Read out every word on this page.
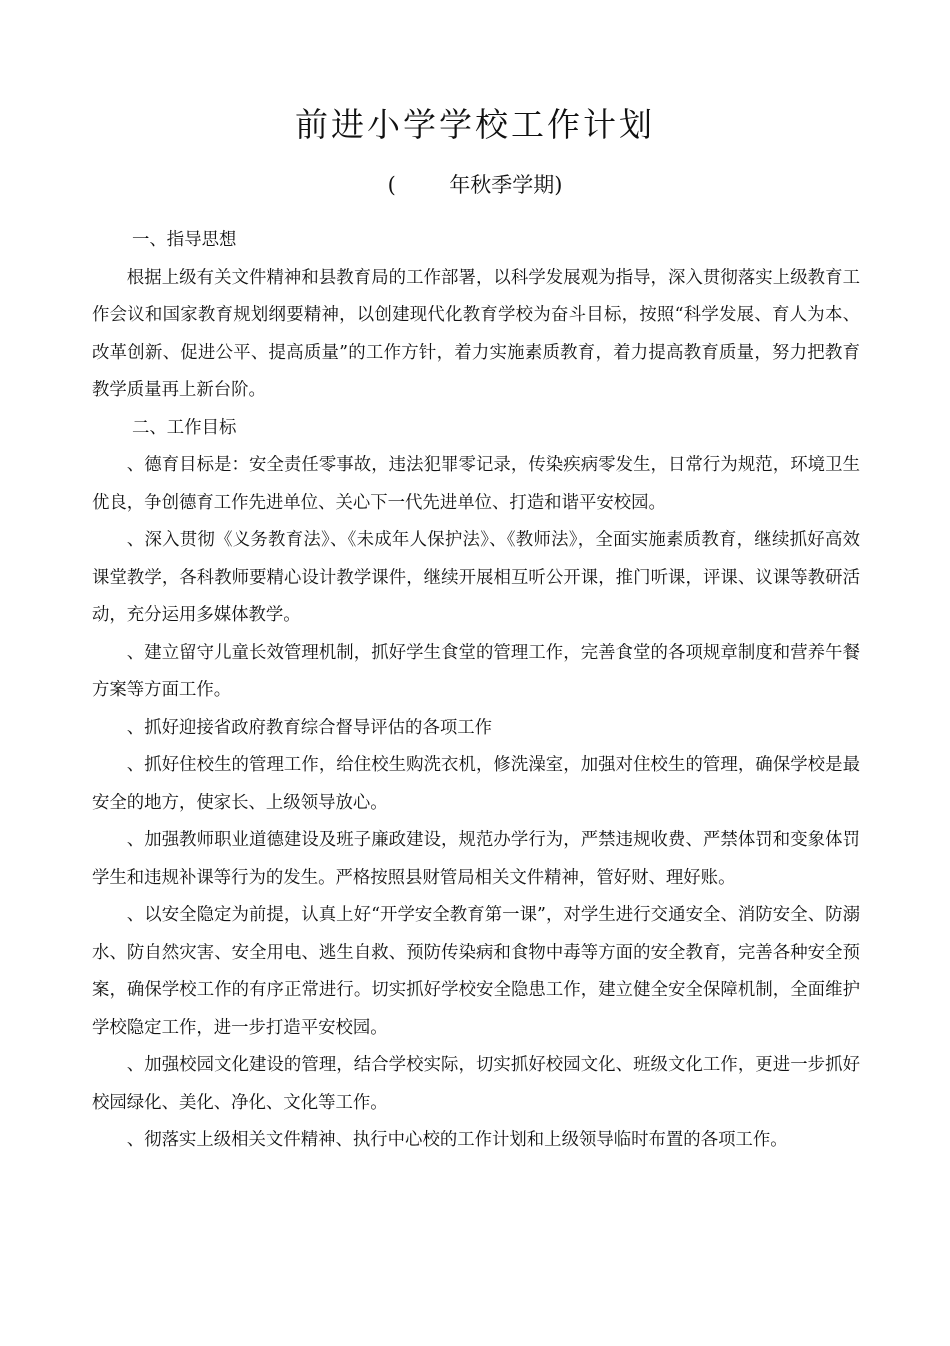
前进小学学校工作计划
(        年秋季学期)

一、指导思想

根据上级有关文件精神和县教育局的工作部署，以科学发展观为指导，深入贯彻落实上级教育工作会议和国家教育规划纲要精神，以创建现代化教育学校为奋斗目标，按照“科学发展、育人为本、改革创新、促进公平、提高质量”的工作方针，着力实施素质教育，着力提高教育质量，努力把教育教学质量再上新台阶。

二、工作目标

、德育目标是：安全责任零事故，违法犯罪零记录，传染疾病零发生，日常行为规范，环境卫生优良，争创德育工作先进单位、关心下一代先进单位、打造和谐平安校园。

、深入贯彻《义务教育法》、《未成年人保护法》、《教师法》，全面实施素质教育，继续抓好高效课堂教学，各科教师要精心设计教学课件，继续开展相互听公开课，推门听课，评课、议课等教研活动，充分运用多媒体教学。

、建立留守儿童长效管理机制，抓好学生食堂的管理工作，完善食堂的各项规章制度和营养午餐方案等方面工作。

、抓好迎接省政府教育综合督导评估的各项工作

、抓好住校生的管理工作，给住校生购洗衣机，修洗澡室，加强对住校生的管理，确保学校是最安全的地方，使家长、上级领导放心。

、加强教师职业道德建设及班子廉政建设，规范办学行为，严禁违规收费、严禁体罚和变象体罚学生和违规补课等行为的发生。严格按照县财管局相关文件精神，管好财、理好账。

、以安全隐定为前提，认真上好“开学安全教育第一课”，对学生进行交通安全、消防安全、防溺水、防自然灾害、安全用电、逃生自救、预防传染病和食物中毒等方面的安全教育，完善各种安全预案，确保学校工作的有序正常进行。切实抓好学校安全隐患工作，建立健全安全保障机制，全面维护学校隐定工作，进一步打造平安校园。

、加强校园文化建设的管理，结合学校实际，切实抓好校园文化、班级文化工作，更进一步抓好校园绿化、美化、净化、文化等工作。

、彻落实上级相关文件精神、执行中心校的工作计划和上级领导临时布置的各项工作。
